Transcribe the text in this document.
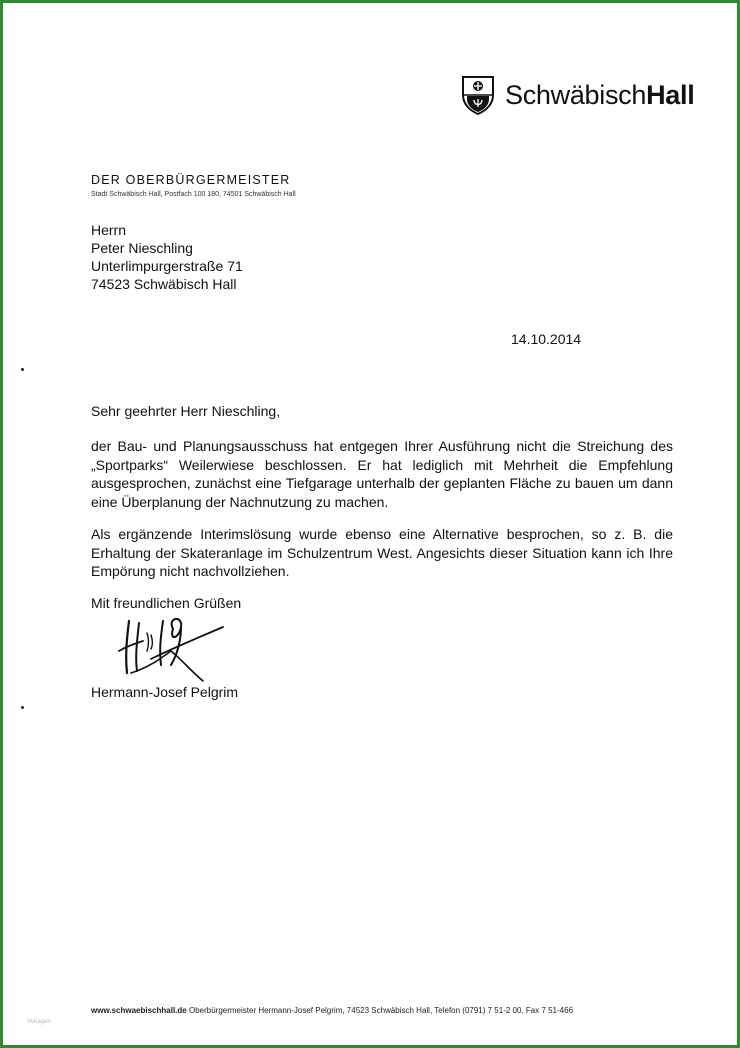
SchwäbischHall
DER OBERBÜRGERMEISTER
Stadt Schwäbisch Hall, Postfach 100 180, 74501 Schwäbisch Hall
Herrn
Peter Nieschling
Unterlimpurgerstraße 71
74523 Schwäbisch Hall
14.10.2014
Sehr geehrter Herr Nieschling,
der Bau- und Planungsausschuss hat entgegen Ihrer Ausführung nicht die Streichung des „Sportparks“ Weilerwiese beschlossen. Er hat lediglich mit Mehrheit die Empfehlung ausgesprochen, zunächst eine Tiefgarage unterhalb der geplanten Fläche zu bauen um dann eine Überplanung der Nachnutzung zu machen.
Als ergänzende Interimslösung wurde ebenso eine Alternative besprochen, so z. B. die Erhaltung der Skateranlage im Schulzentrum West. Angesichts dieser Situation kann ich Ihre Empörung nicht nachvollziehen.
Mit freundlichen Grüßen
Hermann-Josef Pelgrim
www.schwaebischhall.de Oberbürgermeister Hermann-Josef Pelgrim, 74523 Schwäbisch Hall, Telefon (0791) 7 51-2 00, Fax 7 51-466
Vorlagen
